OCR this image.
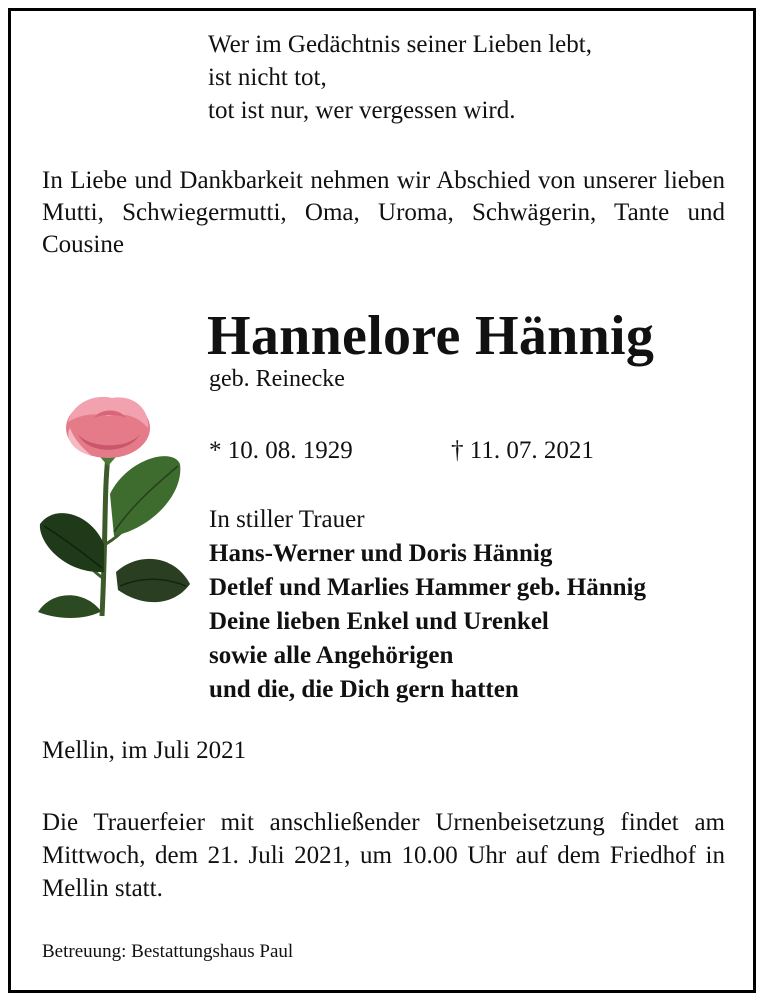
Wer im Gedächtnis seiner Lieben lebt,
ist nicht tot,
tot ist nur, wer vergessen wird.
In Liebe und Dankbarkeit nehmen wir Abschied von unserer lieben Mutti, Schwiegermutti, Oma, Uroma, Schwägerin, Tante und Cousine
Hannelore Hännig
geb. Reinecke
* 10. 08. 1929	† 11. 07. 2021
In stiller Trauer
Hans-Werner und Doris Hännig
Detlef und Marlies Hammer geb. Hännig
Deine lieben Enkel und Urenkel
sowie alle Angehörigen
und die, die Dich gern hatten
Mellin, im Juli 2021
Die Trauerfeier mit anschließender Urnenbeisetzung findet am Mittwoch, dem 21. Juli 2021, um 10.00 Uhr auf dem Friedhof in Mellin statt.
Betreuung: Bestattungshaus Paul
